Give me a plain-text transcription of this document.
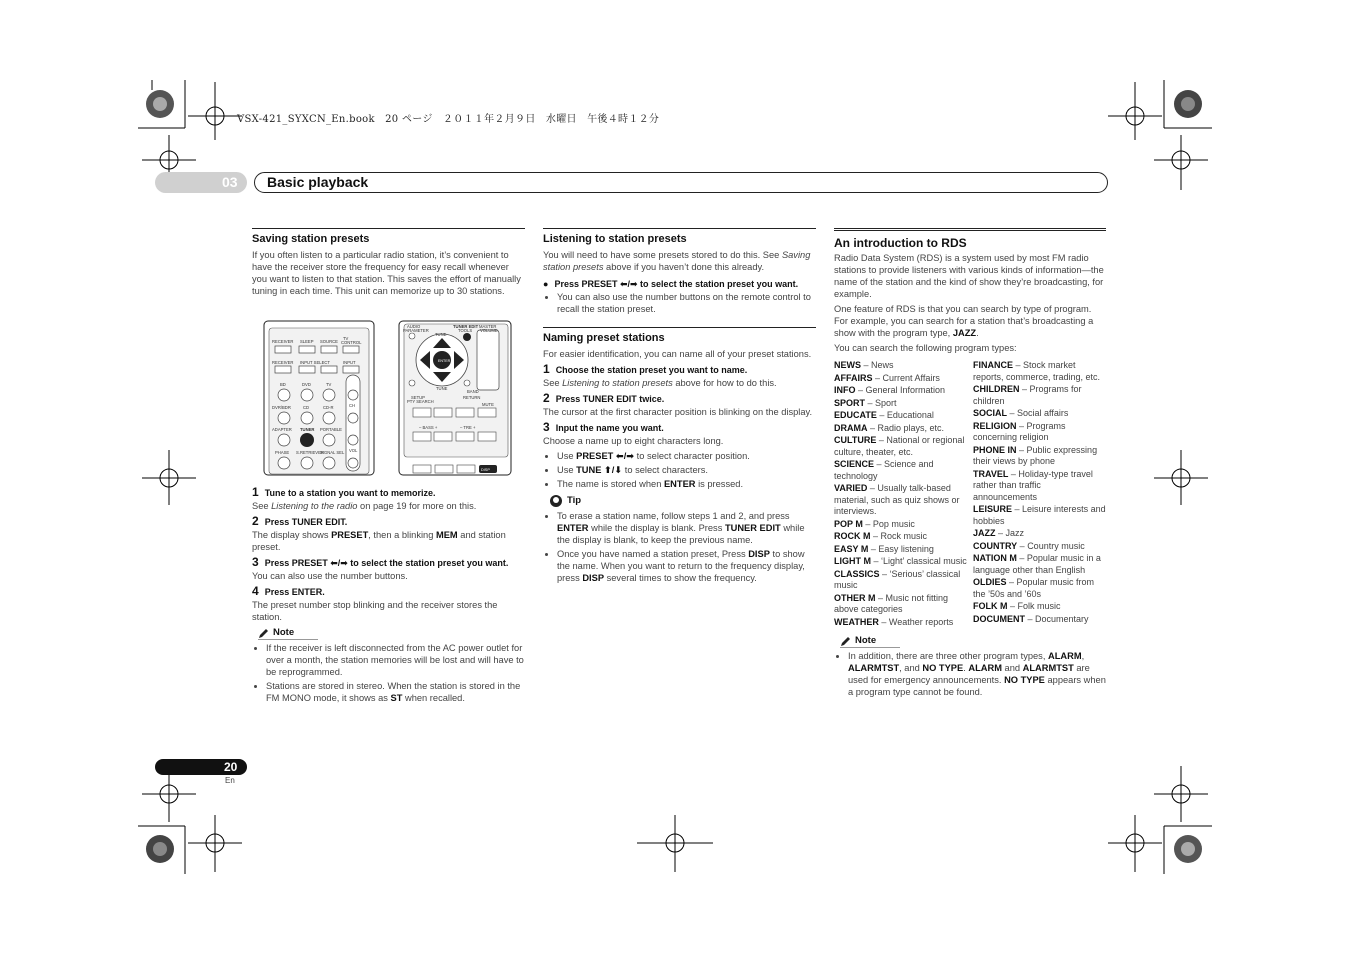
VSX-421_SYXCN_En.book　20 ページ　２０１１年２月９日　水曜日　午後４時１２分
03 Basic playback
Saving station presets

If you often listen to a particular radio station, it’s convenient to have the receiver store the frequency for easy recall whenever you want to listen to that station. This saves the effort of manually tuning in each time. This unit can memorize up to 30 stations.

RECEIVER SLEEP SOURCE
TV
CONTROL
RECEIVER INPUT SELECT	INPUT
BD	DVD	TV
CH
DVR/BDR	CD	CD-R
ADAPTER TUNER PORTABLE
VOL
PHASE S.RETRIEVER
SIGNAL SEL
AUDIO
PARAMETER
TUNER EDIT
TOOLS
MASTER
VOLUME
TUNE
ENTER
TUNE
BAND
RETURN
SETUP
PTY SEARCH
MUTE
– BASS +	– TRE +
DISP
1 Tune to a station you want to memorize.

See Listening to the radio on page 19 for more on this.

2 Press TUNER EDIT.

The display shows PRESET, then a blinking MEM and station preset.

3 Press PRESET ⬅/➡ to select the station preset you want.

You can also use the number buttons.

4 Press ENTER.

The preset number stop blinking and the receiver stores the station.

Note
• If the receiver is left disconnected from the AC power outlet for over a month, the station memories will be lost and will have to be reprogrammed.
• Stations are stored in stereo. When the station is stored in the FM MONO mode, it shows as ST when recalled.
Listening to station presets

You will need to have some presets stored to do this. See Saving station presets above if you haven’t done this already.

● Press PRESET ⬅/➡ to select the station preset you want.
• You can also use the number buttons on the remote control to recall the station preset.
Naming preset stations

For easier identification, you can name all of your preset stations.

1 Choose the station preset you want to name.

See Listening to station presets above for how to do this.

2 Press TUNER EDIT twice.

The cursor at the first character position is blinking on the display.

3 Input the name you want.

Choose a name up to eight characters long.

• Use PRESET ⬅/➡ to select character position.
• Use TUNE ⬆/⬇ to select characters.
• The name is stored when ENTER is pressed.
Tip
• To erase a station name, follow steps 1 and 2, and press ENTER while the display is blank. Press TUNER EDIT while the display is blank, to keep the previous name.
• Once you have named a station preset, Press DISP to show the name. When you want to return to the frequency display, press DISP several times to show the frequency.
An introduction to RDS

Radio Data System (RDS) is a system used by most FM radio stations to provide listeners with various kinds of information—the name of the station and the kind of show they’re broadcasting, for example.

One feature of RDS is that you can search by type of program. For example, you can search for a station that’s broadcasting a show with the program type, JAZZ.

You can search the following program types:

NEWS – News
AFFAIRS – Current Affairs
INFO – General Information
SPORT – Sport
EDUCATE – Educational
DRAMA – Radio plays, etc.
CULTURE – National or regional culture, theater, etc.
SCIENCE – Science and technology
VARIED – Usually talk-based material, such as quiz shows or interviews.
POP M – Pop music
ROCK M – Rock music
EASY M – Easy listening
LIGHT M – ‘Light’ classical music
CLASSICS – ‘Serious’ classical music
OTHER M – Music not fitting above categories
WEATHER – Weather reports
FINANCE – Stock market reports, commerce, trading, etc.
CHILDREN – Programs for children
SOCIAL – Social affairs
RELIGION – Programs concerning religion
PHONE IN – Public expressing their views by phone
TRAVEL – Holiday-type travel rather than traffic announcements
LEISURE – Leisure interests and hobbies
JAZZ – Jazz
COUNTRY – Country music
NATION M – Popular music in a language other than English
OLDIES – Popular music from the ’50s and ’60s
FOLK M – Folk music
DOCUMENT – Documentary
Note
• In addition, there are three other program types, ALARM, ALARMTST, and NO TYPE. ALARM and ALARMTST are used for emergency announcements. NO TYPE appears when a program type cannot be found.
20
En
